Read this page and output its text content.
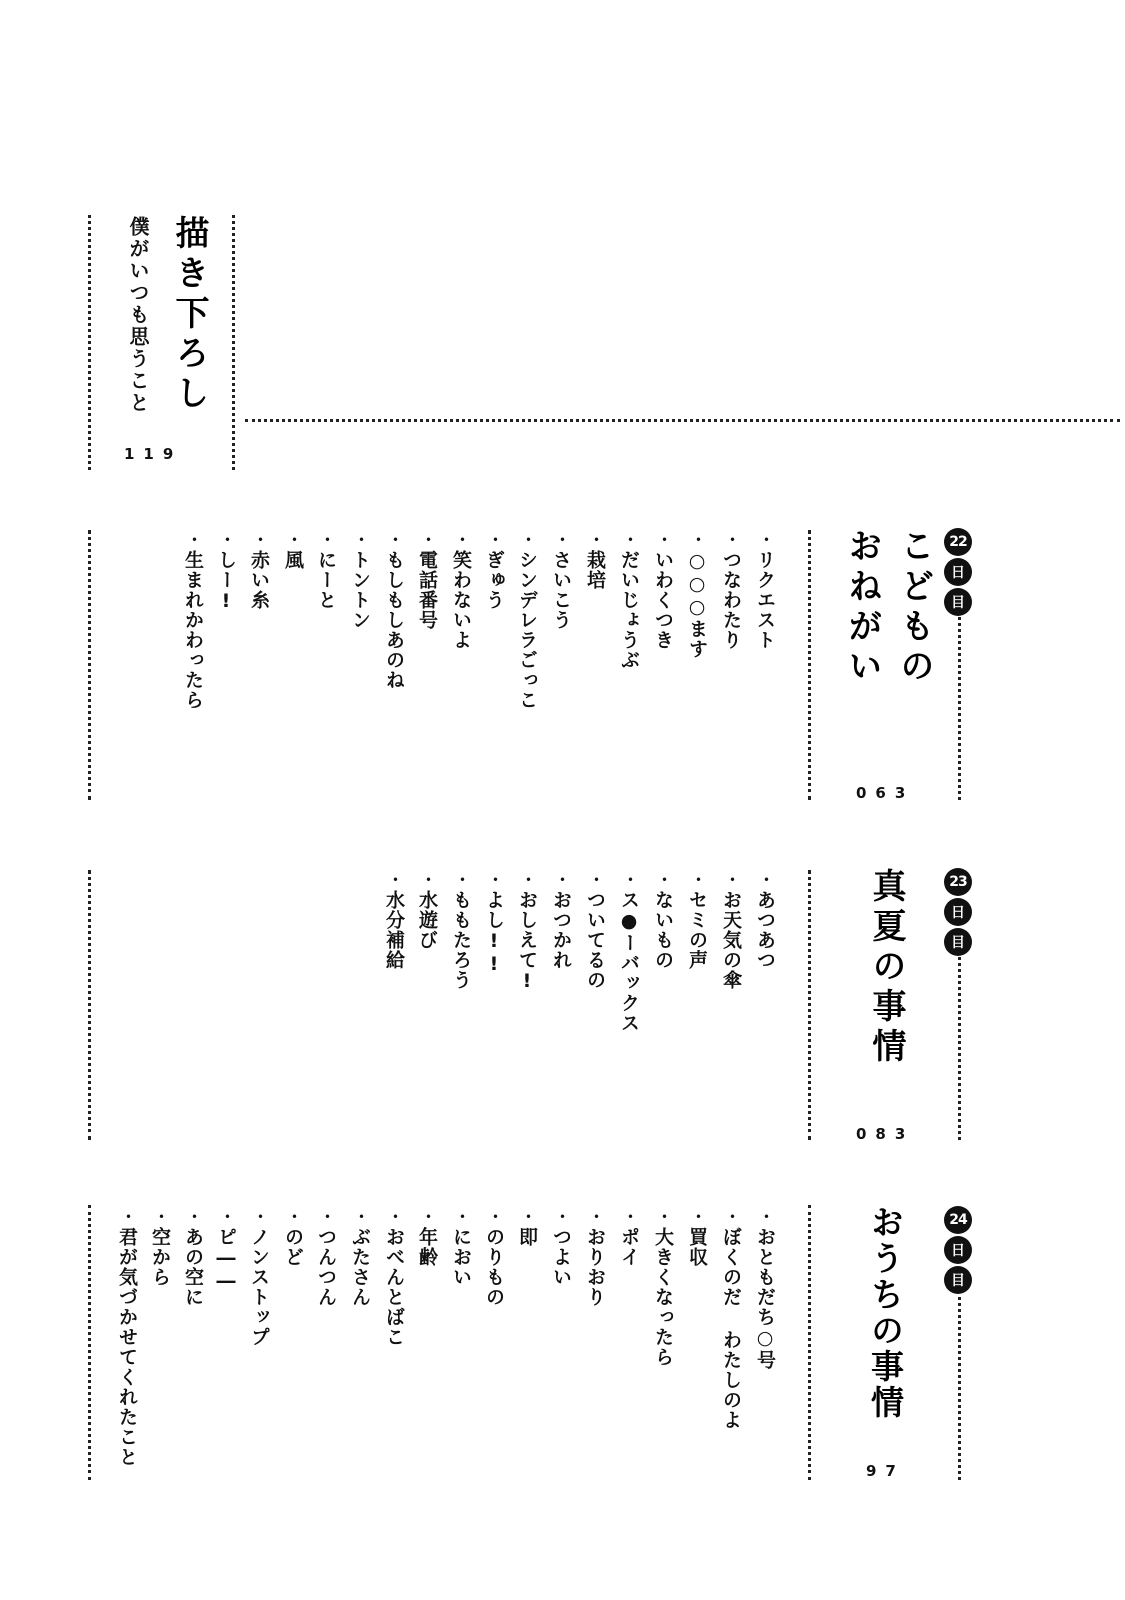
描き下ろし
僕がいつも思うこと
119
22
日
目
こどもの
おねがい
063
・ リクエスト
・ つなわたり
・ ○○○ます
・ いわくつき
・ だいじょうぶ
・ 栽培
・ さいこう
・ シンデレラごっこ
・ ぎゅう
・ 笑わないよ
・ 電話番号
・ もしもしあのね
・ トントン
・ にーと
・ 風
・ 赤い糸
・ しー!
・ 生まれかわったら
23
日
目
真夏の事情
083
・ あつあつ
・ お天気の傘
・ セミの声
・ ないもの
・ ス●ーバックス
・ ついてるの
・ おつかれ
・ おしえて!
・ よし!!
・ ももたろう
・ 水遊び
・ 水分補給
24
日
目
おうちの事情
97
・ おともだち○号
・ ぼくのだ わたしのよ
・ 買収
・ 大きくなったら
・ ポイ
・ おりおり
・ つよい
・ 即
・ のりもの
・ におい
・ 年齢
・ おべんとばこ
・ ぶたさん
・ つんつん
・ のど
・ ノンストップ
・ ピ――
・ あの空に
・ 空から
・ 君が気づかせてくれたこと
